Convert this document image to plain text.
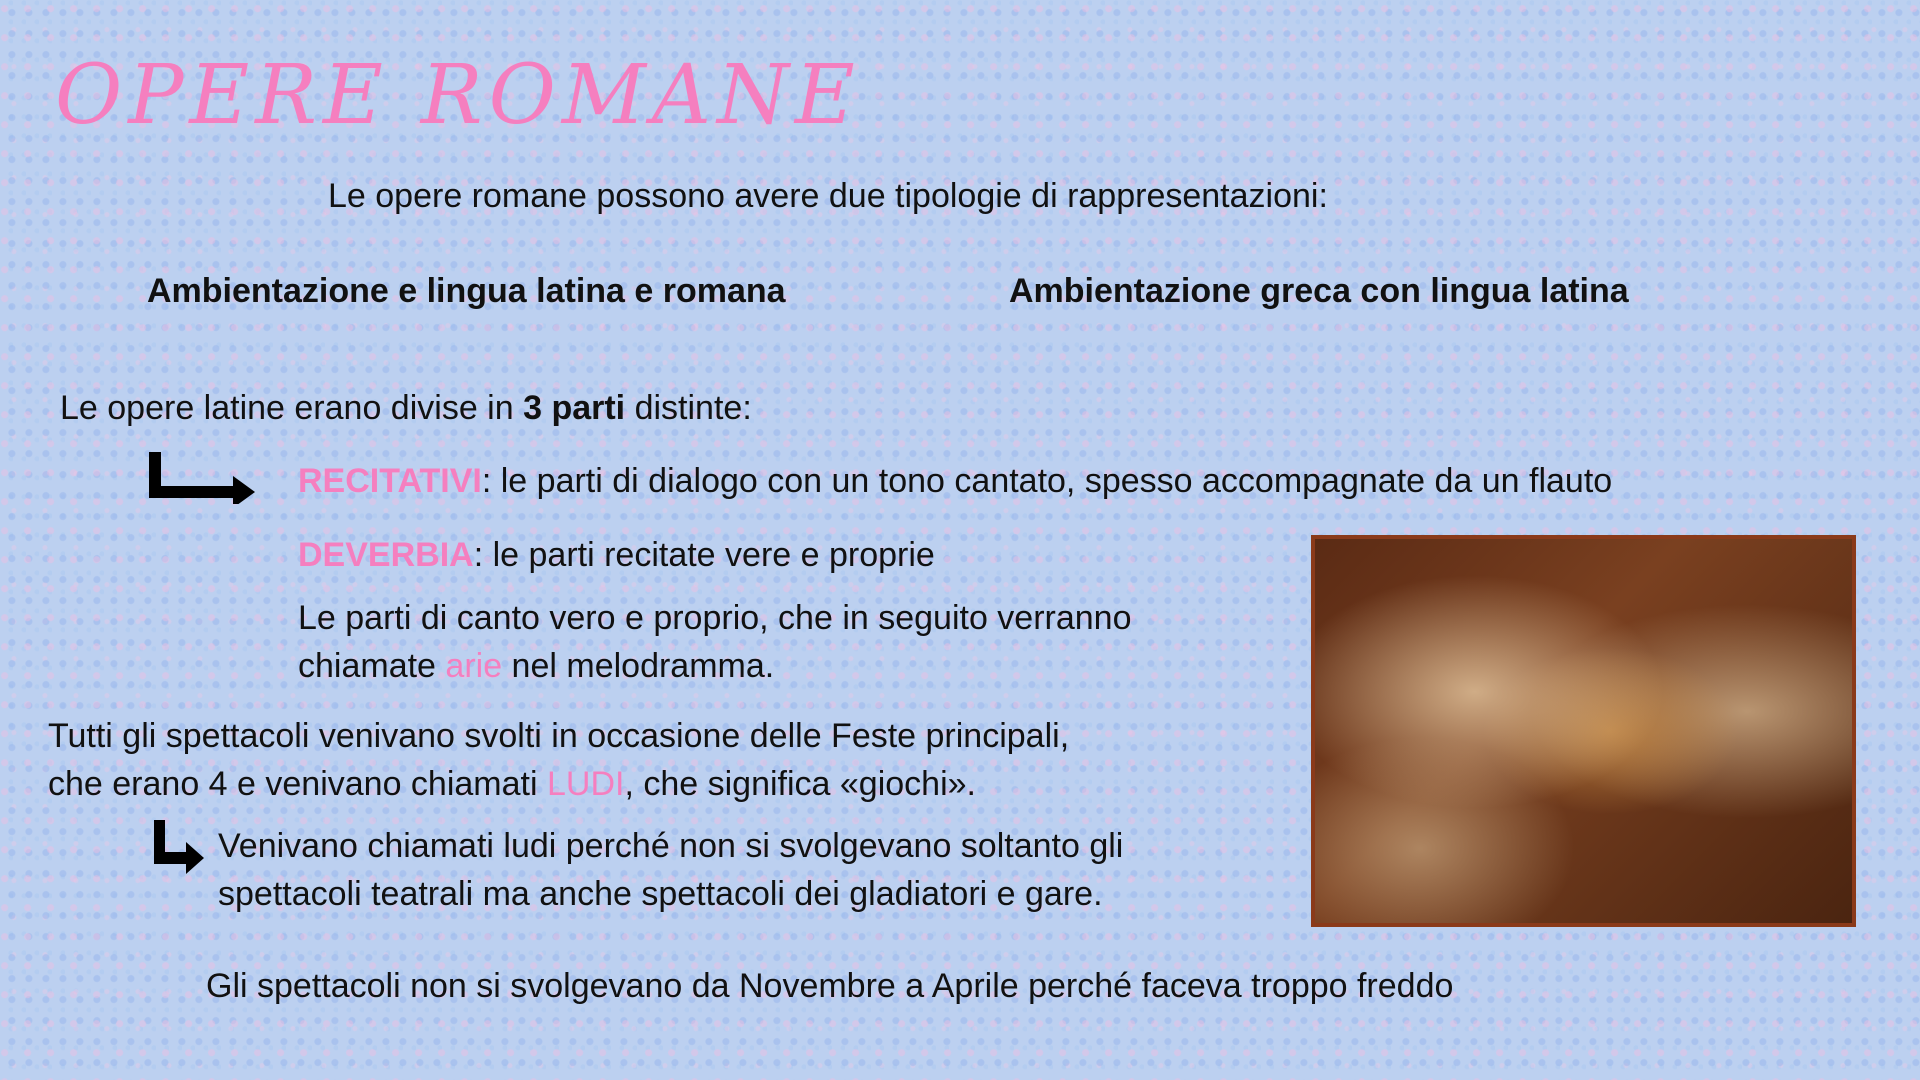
OPERE ROMANE
Le opere romane possono avere due tipologie di rappresentazioni:
Ambientazione e lingua latina e romana	Ambientazione greca con lingua latina
Le opere latine erano divise in 3 parti distinte:
RECITATIVI: le parti di dialogo con un tono cantato, spesso accompagnate da un flauto
DEVERBIA: le parti recitate vere e proprie
Le parti di canto vero e proprio, che in seguito verranno
chiamate arie nel melodramma.
Tutti gli spettacoli venivano svolti in occasione delle Feste principali,
che erano 4 e venivano chiamati LUDI, che significa «giochi».
Venivano chiamati ludi perché non si svolgevano soltanto gli
spettacoli teatrali ma anche spettacoli dei gladiatori e gare.
Gli spettacoli non si svolgevano da Novembre a Aprile perché faceva troppo freddo
